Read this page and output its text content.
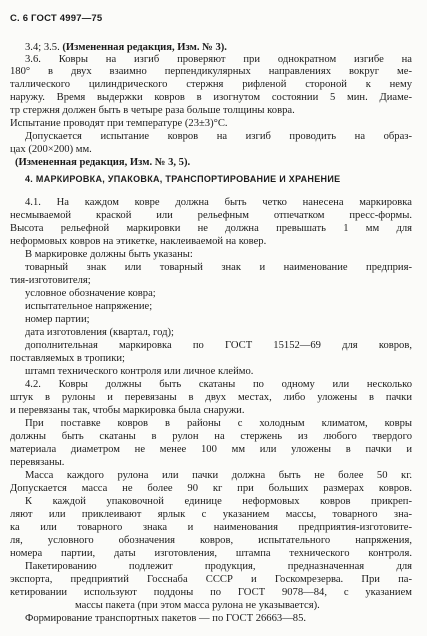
С. 6 ГОСТ 4997—75
4. МАРКИРОВКА, УПАКОВКА, ТРАНСПОРТИРОВАНИЕ И ХРАНЕНИЕ
3.4; 3.5. (Измененная редакция, Изм. № 3).
3.6. Ковры на изгиб проверяют при однократном изгибе на
180° в двух взаимно перпендикулярных направлениях вокруг ме-
таллического цилиндрического стержня рифленой стороной к нему
наружу. Время выдержки ковров в изогнутом состоянии 5 мин. Диаме-
тр стержня должен быть в четыре раза больше толщины ковра.
Испытание проводят при температуре (23±3)°С.
Допускается испытание ковров на изгиб проводить на образ-
цах (200×200) мм.
(Измененная редакция, Изм. № 3, 5).
4.1. На каждом ковре должна быть четко нанесена маркировка
несмываемой краской или рельефным отпечатком пресс-формы.
Высота рельефной маркировки не должна превышать 1 мм для
неформовых ковров на этикетке, наклеиваемой на ковер.
В маркировке должны быть указаны:
товарный знак или товарный знак и наименование предприя-
тия-изготовителя;
условное обозначение ковра;
испытательное напряжение;
номер партии;
дата изготовления (квартал, год);
дополнительная маркировка по ГОСТ 15152—69 для ковров,
поставляемых в тропики;
штамп технического контроля или личное клеймо.
4.2. Ковры должны быть скатаны по одному или несколько
штук в рулоны и перевязаны в двух местах, либо уложены в пачки
и перевязаны так, чтобы маркировка была снаружи.
При поставке ковров в районы с холодным климатом, ковры
должны быть скатаны в рулон на стержень из любого твердого
материала диаметром не менее 100 мм или уложены в пачки и
перевязаны.
Масса каждого рулона или пачки должна быть не более 50 кг.
Допускается масса не более 90 кг при больших размерах ковров.
К каждой упаковочной единице неформовых ковров прикреп-
ляют или приклеивают ярлык с указанием массы, товарного зна-
ка или товарного знака и наименования предприятия-изготовите-
ля, условного обозначения ковров, испытательного напряжения,
номера партии, даты изготовления, штампа технического контроля.
Пакетированию подлежит продукция, предназначенная для
экспорта, предприятий Госснаба СССР и Госкомрезерва. При па-
кетировании используют поддоны по ГОСТ 9078—84, с указанием
массы пакета (при этом масса рулона не указывается).
Формирование транспортных пакетов — по ГОСТ 26663—85.
